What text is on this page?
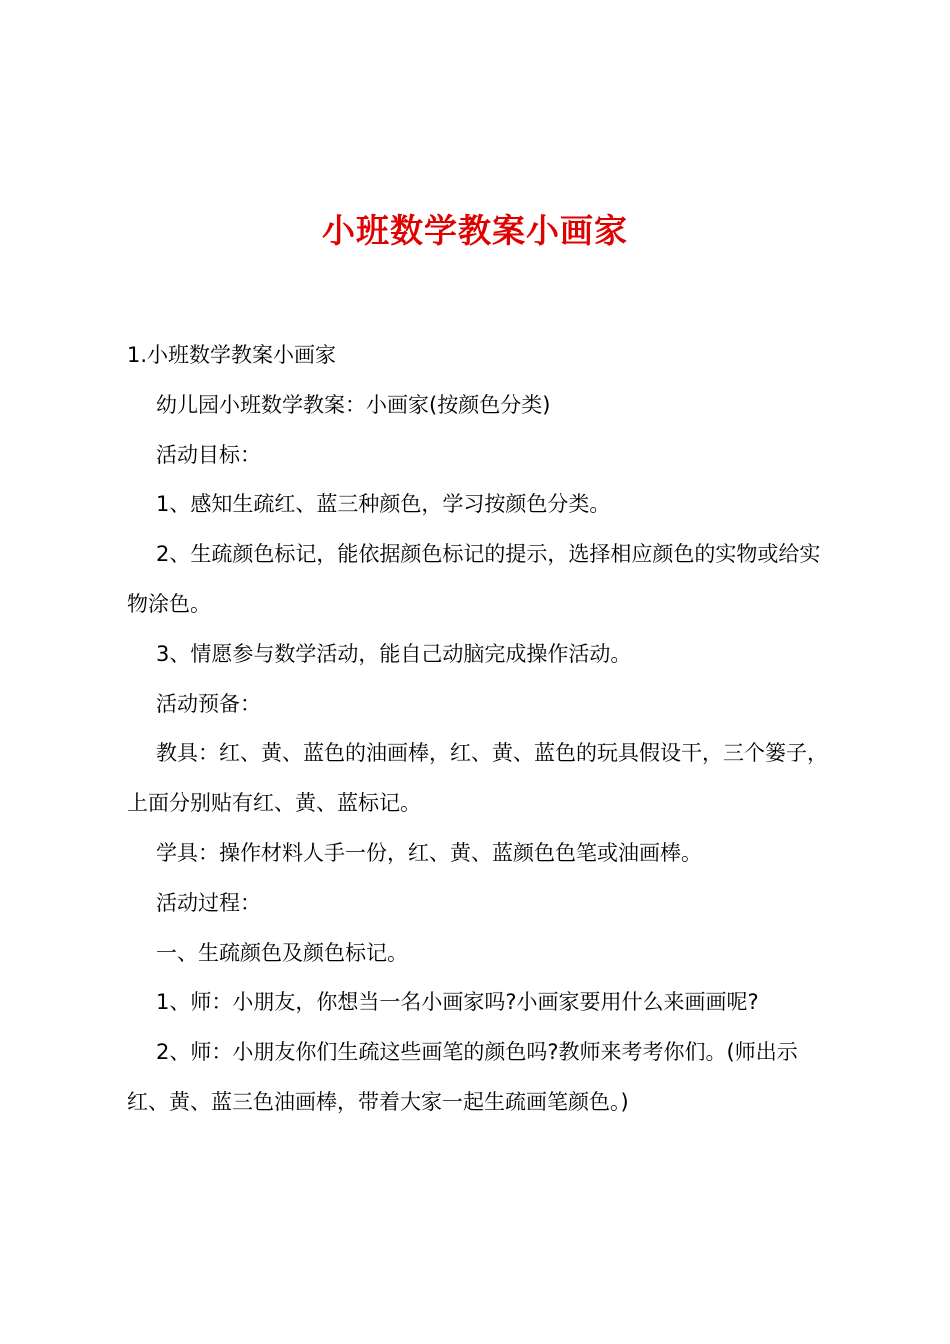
小班数学教案小画家

1.小班数学教案小画家

幼儿园小班数学教案：小画家(按颜色分类)

活动目标：

1、感知生疏红、蓝三种颜色，学习按颜色分类。

2、生疏颜色标记，能依据颜色标记的提示，选择相应颜色的实物或给实物涂色。

3、情愿参与数学活动，能自己动脑完成操作活动。

活动预备：

教具：红、黄、蓝色的油画棒，红、黄、蓝色的玩具假设干，三个篓子，上面分别贴有红、黄、蓝标记。

学具：操作材料人手一份，红、黄、蓝颜色色笔或油画棒。

活动过程：

一、生疏颜色及颜色标记。

1、师：小朋友，你想当一名小画家吗?小画家要用什么来画画呢?

2、师：小朋友你们生疏这些画笔的颜色吗?教师来考考你们。(师出示红、黄、蓝三色油画棒，带着大家一起生疏画笔颜色。)
